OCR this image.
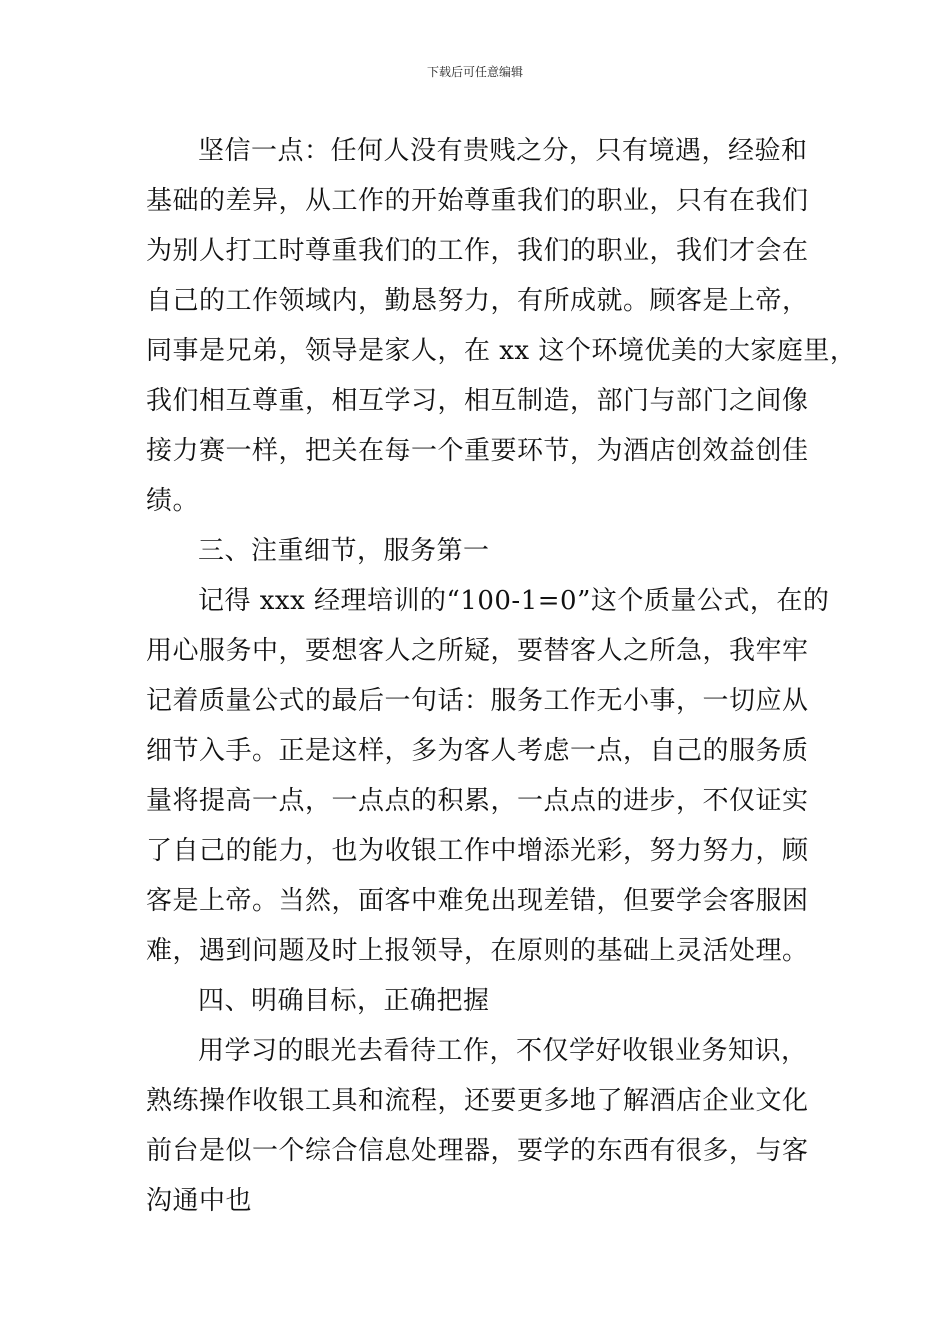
下载后可任意编辑
坚信一点：任何人没有贵贱之分，只有境遇，经验和
基础的差异，从工作的开始尊重我们的职业，只有在我们
为别人打工时尊重我们的工作，我们的职业，我们才会在
自己的工作领域内，勤恳努力，有所成就。顾客是上帝，
同事是兄弟，领导是家人，在 xx 这个环境优美的大家庭里，
我们相互尊重，相互学习，相互制造，部门与部门之间像
接力赛一样，把关在每一个重要环节，为酒店创效益创佳
绩。
三、注重细节，服务第一
记得 xxx 经理培训的“100-1=0”这个质量公式，在的
用心服务中，要想客人之所疑，要替客人之所急，我牢牢
记着质量公式的最后一句话：服务工作无小事，一切应从
细节入手。正是这样，多为客人考虑一点，自己的服务质
量将提高一点，一点点的积累，一点点的进步，不仅证实
了自己的能力，也为收银工作中增添光彩，努力努力，顾
客是上帝。当然，面客中难免出现差错，但要学会客服困
难，遇到问题及时上报领导，在原则的基础上灵活处理。
四、明确目标，正确把握
用学习的眼光去看待工作，不仅学好收银业务知识，
熟练操作收银工具和流程，还要更多地了解酒店企业文化
前台是似一个综合信息处理器，要学的东西有很多，与客
沟通中也
